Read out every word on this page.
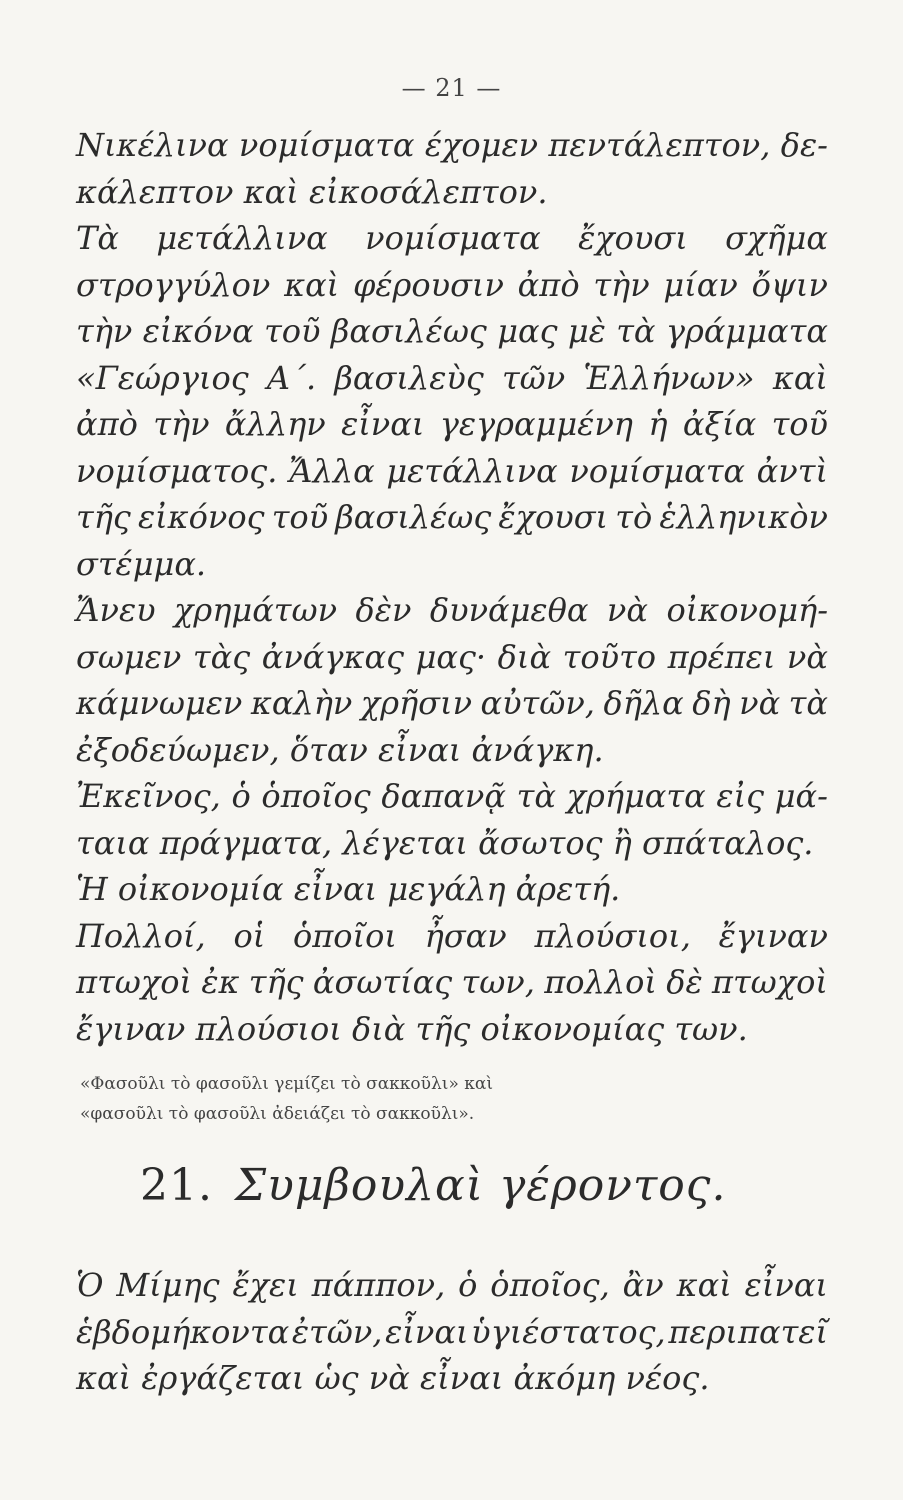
— 21 —
Νικέλινα νομίσματα έχομεν πεντάλεπτον, δε-
κάλεπτον καὶ εἰκοσάλεπτον.
Τὰ μετάλλινα νομίσματα ἔχουσι σχῆμα
στρογγύλον καὶ φέρουσιν ἀπὸ τὴν μίαν ὄψιν
τὴν εἰκόνα τοῦ βασιλέως μας μὲ τὰ γράμματα
«Γεώργιος Α΄. βασιλεὺς τῶν Ἑλλήνων» καὶ
ἀπὸ τὴν ἄλλην εἶναι γεγραμμένη ἡ ἀξία τοῦ
νομίσματος. Ἄλλα μετάλλινα νομίσματα ἀντὶ
τῆς εἰκόνος τοῦ βασιλέως ἔχουσι τὸ ἑλληνικὸν
στέμμα.
Ἄνευ χρημάτων δὲν δυνάμεθα νὰ οἰκονομή-
σωμεν τὰς ἀνάγκας μας· διὰ τοῦτο πρέπει νὰ
κάμνωμεν καλὴν χρῆσιν αὐτῶν, δῆλα δὴ νὰ τὰ
ἐξοδεύωμεν, ὅταν εἶναι ἀνάγκη.
Ἐκεῖνος, ὁ ὁποῖος δαπανᾷ τὰ χρήματα εἰς μά-
ταια πράγματα, λέγεται ἄσωτος ἢ σπάταλος.
Ἡ οἰκονομία εἶναι μεγάλη ἀρετή.
Πολλοί, οἱ ὁποῖοι ἦσαν πλούσιοι, ἔγιναν
πτωχοὶ ἐκ τῆς ἀσωτίας των, πολλοὶ δὲ πτωχοὶ
ἔγιναν πλούσιοι διὰ τῆς οἰκονομίας των.
«Φασοῦλι τὸ φασοῦλι γεμίζει τὸ σακκοῦλι» καὶ
«φασοῦλι τὸ φασοῦλι ἀδειάζει τὸ σακκοῦλι».
21. Συμβουλαὶ γέροντος.
Ὁ Μίμης ἔχει πάππον, ὁ ὁποῖος, ἂν καὶ εἶναι
ἑβδομήκοντα ἐτῶν, εἶναι ὑγιέστατος, περιπατεῖ
καὶ ἐργάζεται ὡς νὰ εἶναι ἀκόμη νέος.
